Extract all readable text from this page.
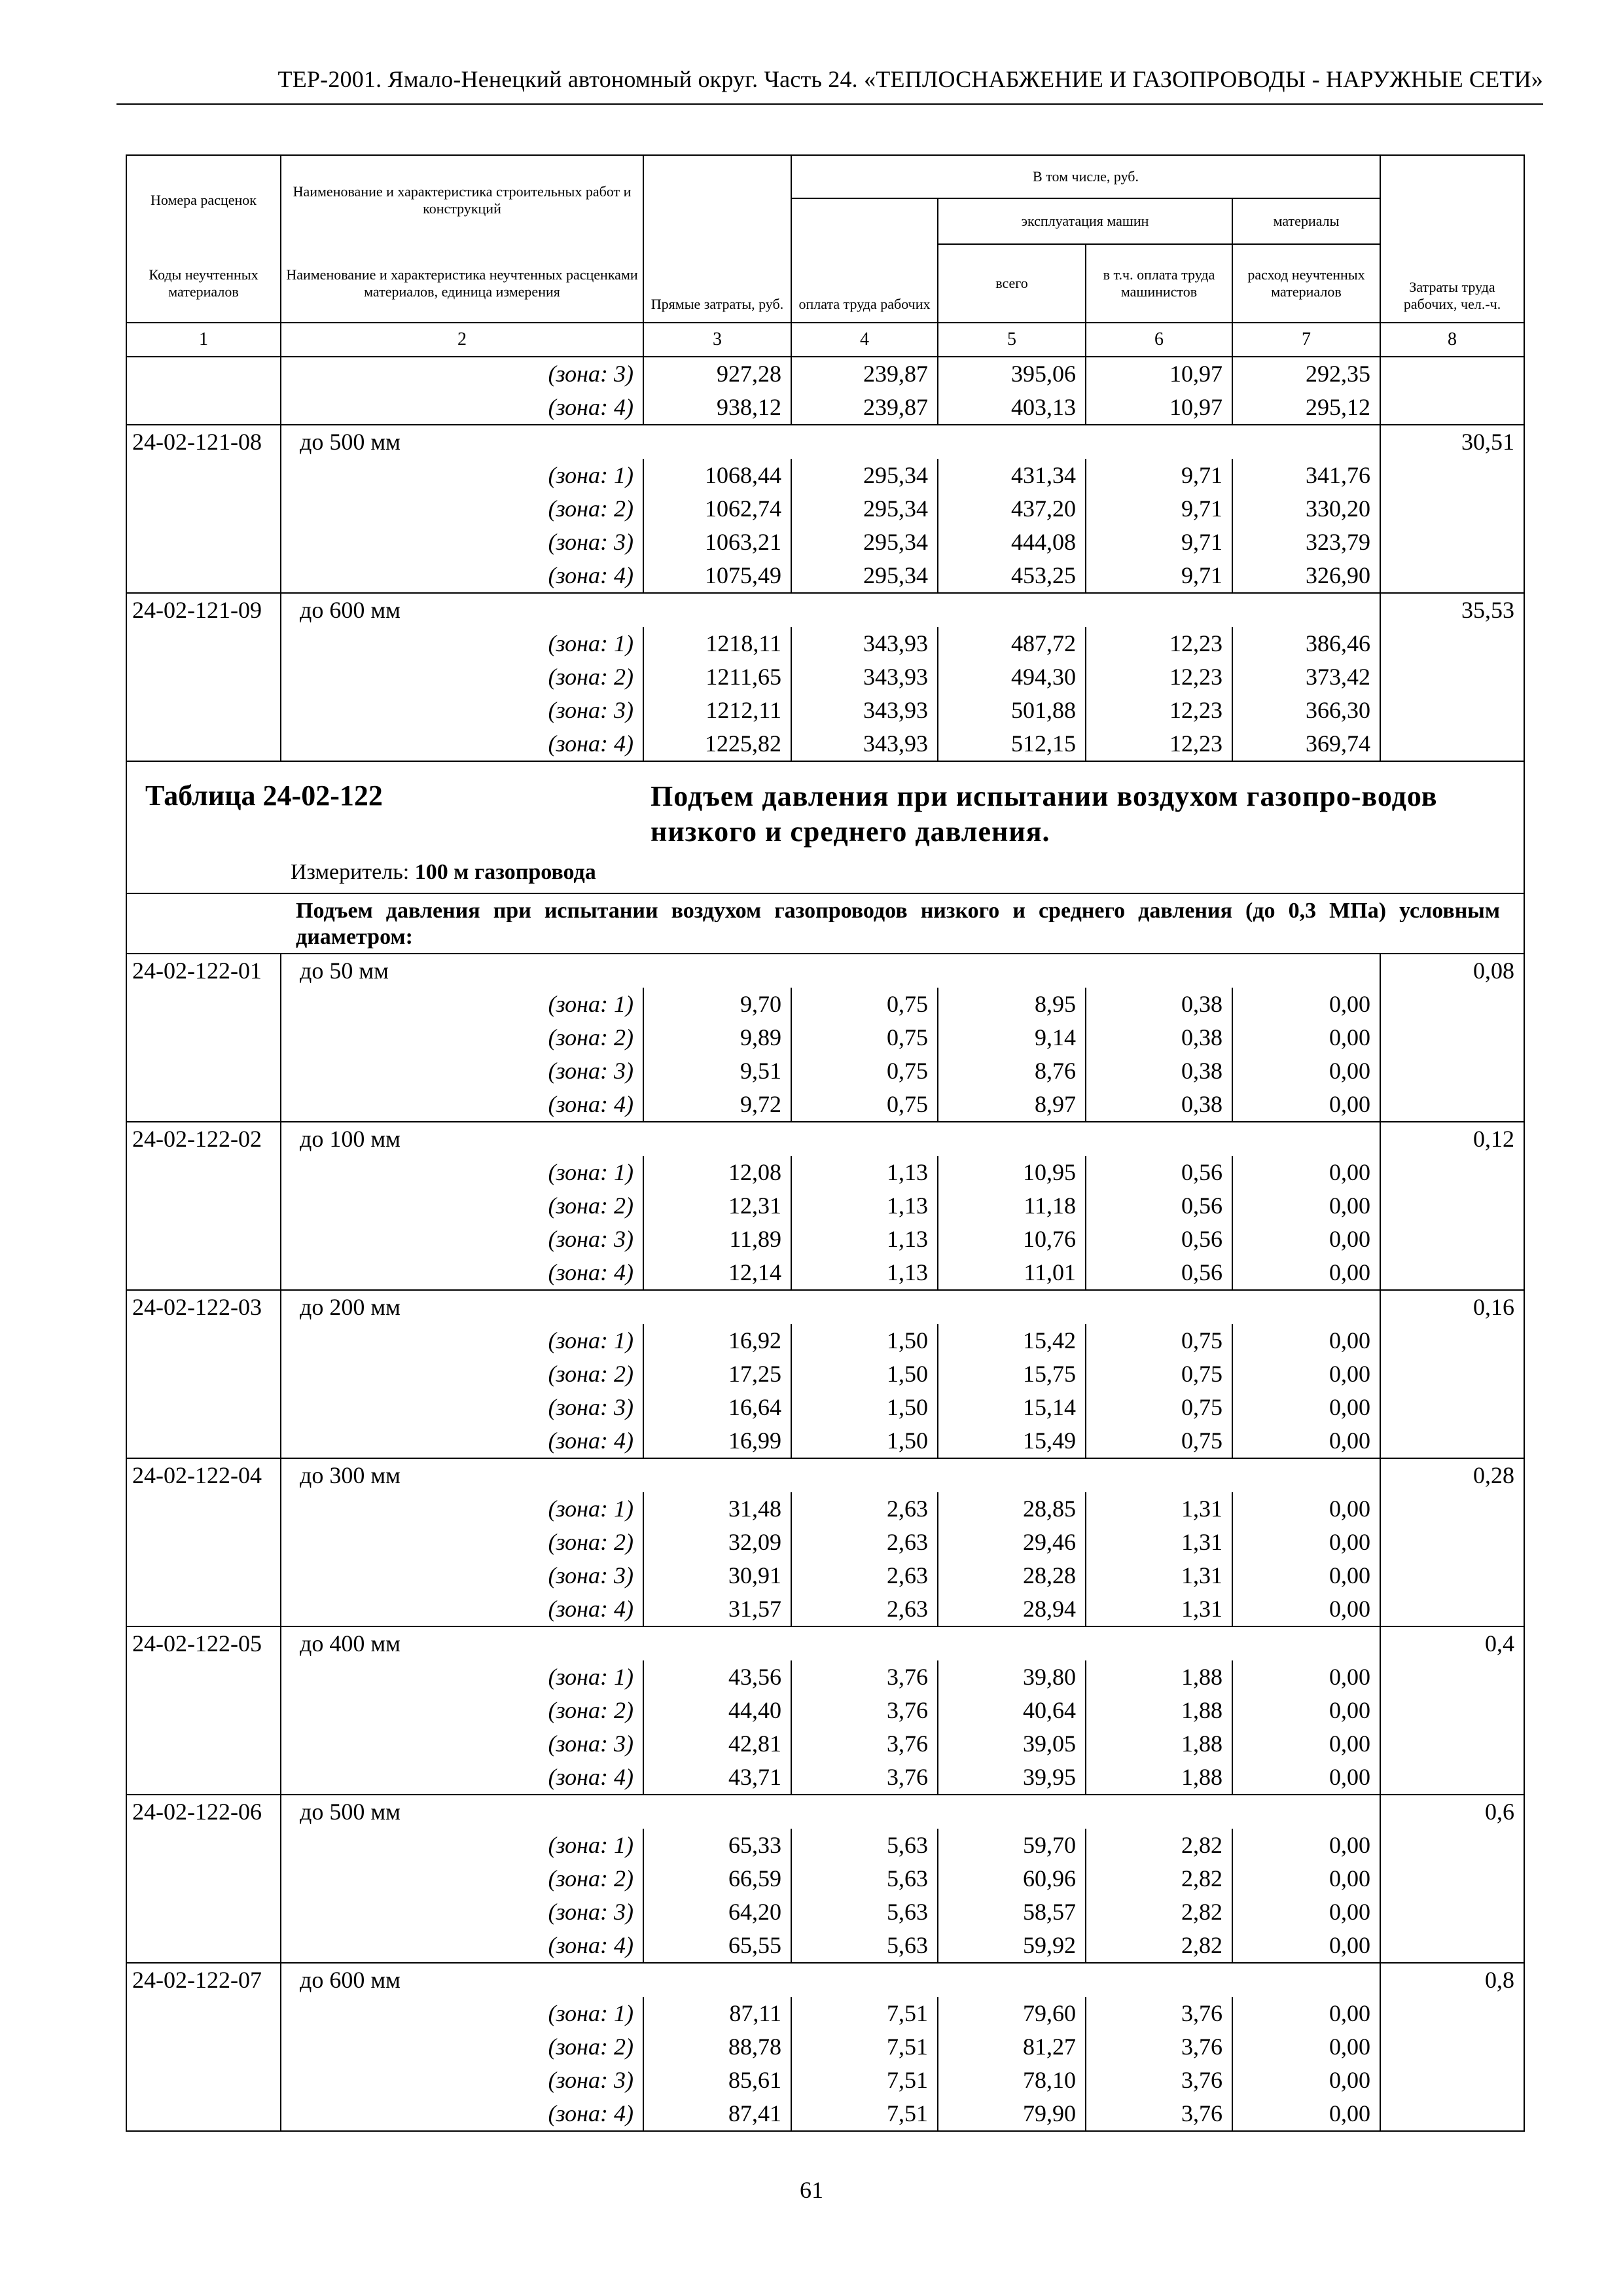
ТЕР-2001. Ямало-Ненецкий автономный округ. Часть 24. «ТЕПЛОСНАБЖЕНИЕ И ГАЗОПРОВОДЫ - НАРУЖНЫЕ СЕТИ»
Номера расценок	Наименование и характеристика строительных работ и конструкций	Прямые затраты, руб.	В том числе, руб.				Затраты труда рабочих, чел.-ч.
			оплата труда рабочих	эксплуатация машин		материалы	
Коды неучтенных материалов	Наименование и характеристика неучтенных расценками материалов, единица измерения			всего	в т.ч. оплата труда машинистов	расход неучтенных материалов	
1	2	3	4	5	6	7	8
	(зона: 3)	927,28	239,87	395,06	10,97	292,35	
	(зона: 4)	938,12	239,87	403,13	10,97	295,12	
24-02-121-08	до 500 мм						30,51
	(зона: 1)	1068,44	295,34	431,34	9,71	341,76	
	(зона: 2)	1062,74	295,34	437,20	9,71	330,20	
	(зона: 3)	1063,21	295,34	444,08	9,71	323,79	
	(зона: 4)	1075,49	295,34	453,25	9,71	326,90	
24-02-121-09	до 600 мм						35,53
	(зона: 1)	1218,11	343,93	487,72	12,23	386,46	
	(зона: 2)	1211,65	343,93	494,30	12,23	373,42	
	(зона: 3)	1212,11	343,93	501,88	12,23	366,30	
	(зона: 4)	1225,82	343,93	512,15	12,23	369,74	

Таблица 24-02-122 Подъем давления при испытании воздухом газопро-водов низкого и среднего давления.
Измеритель: 100 м газопровода							

Подъем давления при испытании воздухом газопроводов низкого и среднего давления (до 0,3 МПа) условным диаметром:							

24-02-122-01	до 50 мм						0,08
	(зона: 1)	9,70	0,75	8,95	0,38	0,00	
	(зона: 2)	9,89	0,75	9,14	0,38	0,00	
	(зона: 3)	9,51	0,75	8,76	0,38	0,00	
	(зона: 4)	9,72	0,75	8,97	0,38	0,00	
24-02-122-02	до 100 мм						0,12
	(зона: 1)	12,08	1,13	10,95	0,56	0,00	
	(зона: 2)	12,31	1,13	11,18	0,56	0,00	
	(зона: 3)	11,89	1,13	10,76	0,56	0,00	
	(зона: 4)	12,14	1,13	11,01	0,56	0,00	
24-02-122-03	до 200 мм						0,16
	(зона: 1)	16,92	1,50	15,42	0,75	0,00	
	(зона: 2)	17,25	1,50	15,75	0,75	0,00	
	(зона: 3)	16,64	1,50	15,14	0,75	0,00	
	(зона: 4)	16,99	1,50	15,49	0,75	0,00	
24-02-122-04	до 300 мм						0,28
	(зона: 1)	31,48	2,63	28,85	1,31	0,00	
	(зона: 2)	32,09	2,63	29,46	1,31	0,00	
	(зона: 3)	30,91	2,63	28,28	1,31	0,00	
	(зона: 4)	31,57	2,63	28,94	1,31	0,00	
24-02-122-05	до 400 мм						0,4
	(зона: 1)	43,56	3,76	39,80	1,88	0,00	
	(зона: 2)	44,40	3,76	40,64	1,88	0,00	
	(зона: 3)	42,81	3,76	39,05	1,88	0,00	
	(зона: 4)	43,71	3,76	39,95	1,88	0,00	
24-02-122-06	до 500 мм						0,6
	(зона: 1)	65,33	5,63	59,70	2,82	0,00	
	(зона: 2)	66,59	5,63	60,96	2,82	0,00	
	(зона: 3)	64,20	5,63	58,57	2,82	0,00	
	(зона: 4)	65,55	5,63	59,92	2,82	0,00	
24-02-122-07	до 600 мм						0,8
	(зона: 1)	87,11	7,51	79,60	3,76	0,00	
	(зона: 2)	88,78	7,51	81,27	3,76	0,00	
	(зона: 3)	85,61	7,51	78,10	3,76	0,00	
	(зона: 4)	87,41	7,51	79,90	3,76	0,00	
61
